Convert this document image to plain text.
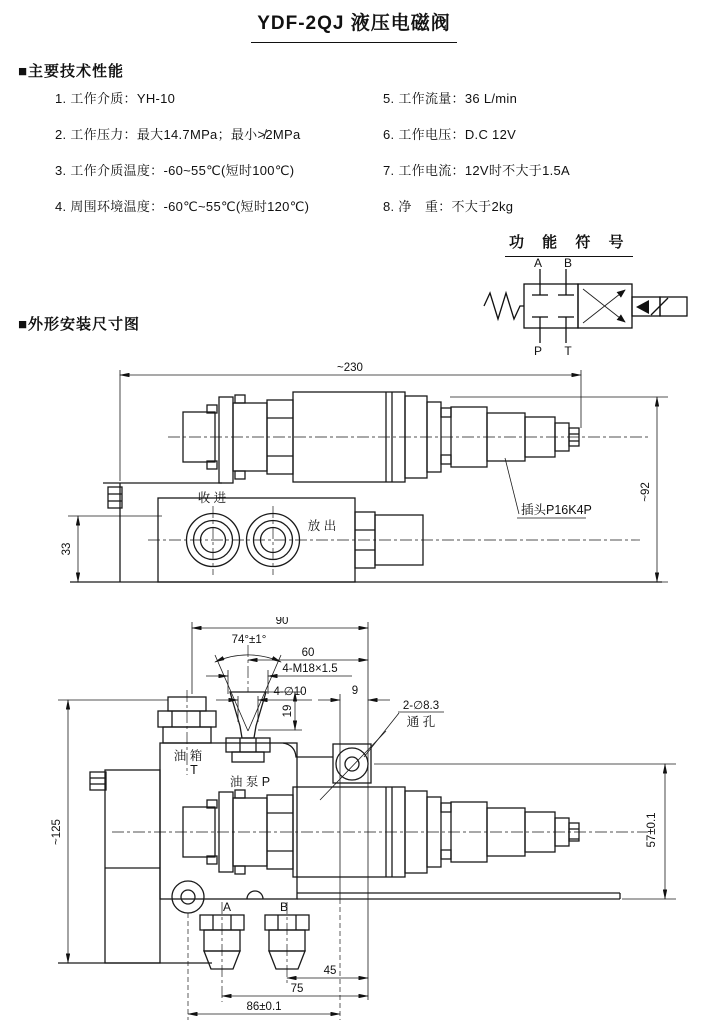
YDF-2QJ 液压电磁阀
■主要技术性能
1. 工作介质：YH-10
2. 工作压力：最大14.7MPa；最小≯2MPa
3. 工作介质温度：-60~55℃(短时100℃)
4. 周围环境温度：-60℃~55℃(短时120℃)
5. 工作流量：36 L/min
6. 工作电压：D.C 12V
7. 工作电流：12V时不大于1.5A
8. 净　重：不大于2kg
功 能 符 号
A B
P T
■外形安装尺寸图
~230
~92
33
收 进
放 出
插头P16K4P
A	B
90
74°±1°
60
4-M18×1.5
4-∅10	9
2-∅8.3
通 孔
19
~125	57±0.1
45
75
86±0.1
油 箱
T
油 泵 P
